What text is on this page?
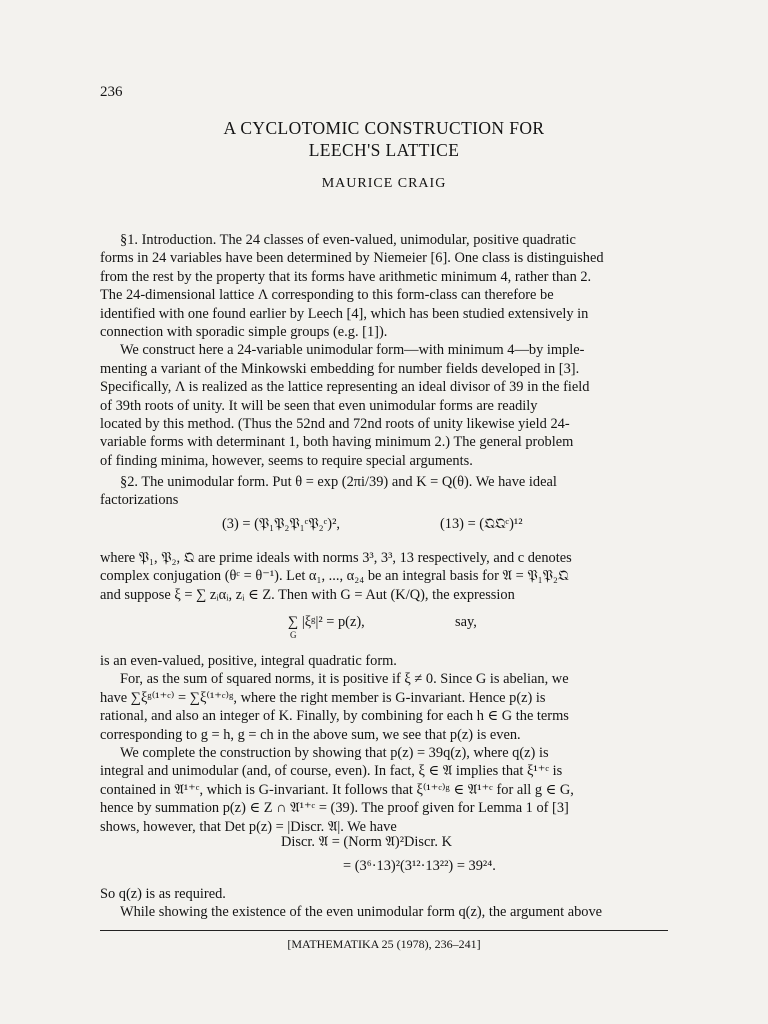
236
A CYCLOTOMIC CONSTRUCTION FOR
LEECH'S LATTICE
MAURICE CRAIG
§1. Introduction. The 24 classes of even-valued, unimodular, positive quadratic
forms in 24 variables have been determined by Niemeier [6]. One class is distinguished
from the rest by the property that its forms have arithmetic minimum 4, rather than 2.
The 24-dimensional lattice Λ corresponding to this form-class can therefore be
identified with one found earlier by Leech [4], which has been studied extensively in
connection with sporadic simple groups (e.g. [1]).
We construct here a 24-variable unimodular form—with minimum 4—by imple-
menting a variant of the Minkowski embedding for number fields developed in [3].
Specifically, Λ is realized as the lattice representing an ideal divisor of 39 in the field
of 39th roots of unity. It will be seen that even unimodular forms are readily
located by this method. (Thus the 52nd and 72nd roots of unity likewise yield 24-
variable forms with determinant 1, both having minimum 2.) The general problem
of finding minima, however, seems to require special arguments.
§2. The unimodular form. Put θ = exp (2πi/39) and K = Q(θ). We have ideal
factorizations
(3) = (𝔓₁𝔓₂𝔓₁ᶜ𝔓₂ᶜ)²,	(13) = (𝔔𝔔ᶜ)¹²
where 𝔓₁, 𝔓₂, 𝔔 are prime ideals with norms 3³, 3³, 13 respectively, and c denotes
complex conjugation (θᶜ = θ⁻¹). Let α₁, ..., α₂₄ be an integral basis for 𝔄 = 𝔓₁𝔓₂𝔔
and suppose ξ = ∑ zᵢαᵢ, zᵢ ∈ Z. Then with G = Aut (K/Q), the expression
∑ |ξᵍ|² = p(z),
G
say,
is an even-valued, positive, integral quadratic form.
For, as the sum of squared norms, it is positive if ξ ≠ 0. Since G is abelian, we
have ∑ξᵍ⁽¹⁺ᶜ⁾ = ∑ξ⁽¹⁺ᶜ⁾ᵍ, where the right member is G-invariant. Hence p(z) is
rational, and also an integer of K. Finally, by combining for each h ∈ G the terms
corresponding to g = h, g = ch in the above sum, we see that p(z) is even.
We complete the construction by showing that p(z) = 39q(z), where q(z) is
integral and unimodular (and, of course, even). In fact, ξ ∈ 𝔄 implies that ξ¹⁺ᶜ is
contained in 𝔄¹⁺ᶜ, which is G-invariant. It follows that ξ⁽¹⁺ᶜ⁾ᵍ ∈ 𝔄¹⁺ᶜ for all g ∈ G,
hence by summation p(z) ∈ Z ∩ 𝔄¹⁺ᶜ = (39). The proof given for Lemma 1 of [3]
shows, however, that Det p(z) = |Discr. 𝔄|. We have
Discr. 𝔄 = (Norm 𝔄)²Discr. K
= (3⁶·13)²(3¹²·13²²) = 39²⁴.
So q(z) is as required.
While showing the existence of the even unimodular form q(z), the argument above
[MATHEMATIKA 25 (1978), 236–241]
